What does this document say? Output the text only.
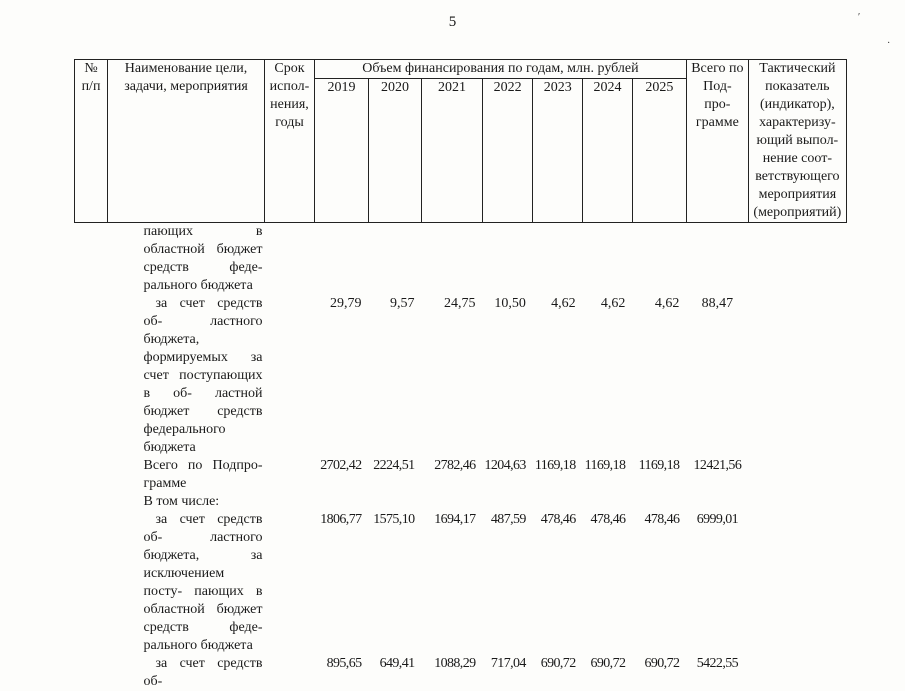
5	′
·
№ п/п	Наименование цели, задачи, мероприятия	Срок испол- нения, годы	Объем финансирования по годам, млн. рублей							Всего по Под- про- грамме	Тактический показатель (индикатор), характеризу- ющий выпол- нение соот- ветствующего мероприятия (мероприятий)
			2019	2020	2021	2022	2023	2024	2025		
	пающих в областной бюджет средств феде- рального бюджета										
	за счет средств об- ластного бюджета, формируемых за счет поступающих в об- ластной бюджет средств федерального бюджета		29,79	9,57	24,75	10,50	4,62	4,62	4,62	88,47	
	Всего по Подпро- грамме		2702,42	2224,51	2782,46	1204,63	1169,18	1169,18	1169,18	12421,56	
	В том числе:										
	за счет средств об- ластного бюджета, за исключением посту- пающих в областной бюджет средств феде- рального бюджета		1806,77	1575,10	1694,17	487,59	478,46	478,46	478,46	6999,01	
	за счет средств об-		895,65	649,41	1088,29	717,04	690,72	690,72	690,72	5422,55	
